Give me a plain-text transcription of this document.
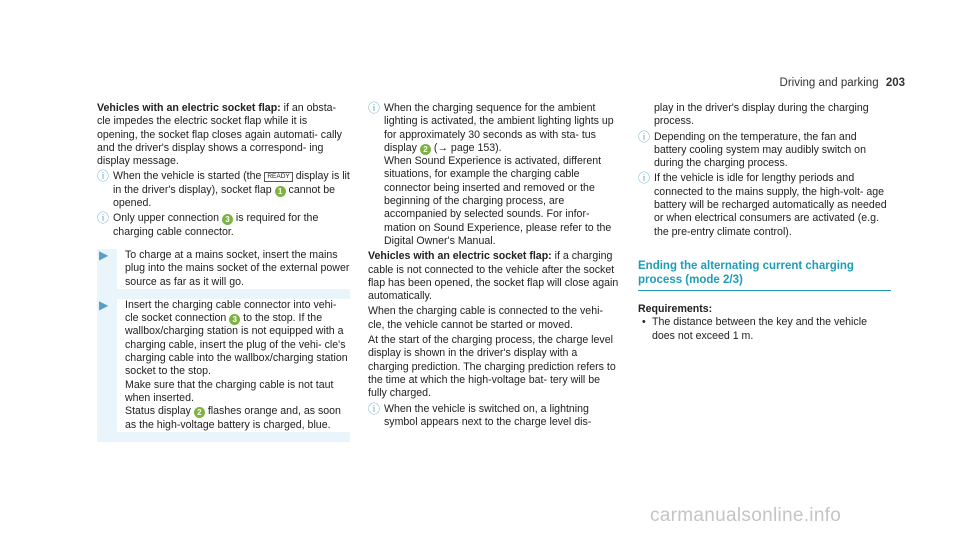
Driving and parking 203

Vehicles with an electric socket flap: if an obsta- cle impedes the electric socket flap while it is opening, the socket flap closes again automati- cally and the driver's display shows a correspond- ing display message.

ⓘ When the vehicle is started (the READY display is lit in the driver's display), socket flap 1 cannot be opened.
ⓘ Only upper connection 3 is required for the charging cable connector.
▶	To charge at a mains socket, insert the mains plug into the mains socket of the external power source as far as it will go.
▶	Insert the charging cable connector into vehi- cle socket connection 3 to the stop. If the wallbox/charging station is not equipped with a charging cable, insert the plug of the vehi- cle's charging cable into the wallbox/charging station socket to the stop.
Make sure that the charging cable is not taut when inserted.
Status display 2 flashes orange and, as soon as the high-voltage battery is charged, blue.
ⓘ When the charging sequence for the ambient lighting is activated, the ambient lighting lights up for approximately 30 seconds as with sta- tus display 2 (→ page 153).
When Sound Experience is activated, different situations, for example the charging cable connector being inserted and removed or the beginning of the charging process, are accompanied by selected sounds. For infor- mation on Sound Experience, please refer to the Digital Owner's Manual.

Vehicles with an electric socket flap: if a charging cable is not connected to the vehicle after the socket flap has been opened, the socket flap will close again automatically.

When the charging cable is connected to the vehi- cle, the vehicle cannot be started or moved.

At the start of the charging process, the charge level display is shown in the driver's display with a charging prediction. The charging prediction refers to the time at which the high-voltage bat- tery will be fully charged.

ⓘ When the vehicle is switched on, a lightning symbol appears next to the charge level dis-

play in the driver's display during the charging process.

ⓘ Depending on the temperature, the fan and battery cooling system may audibly switch on during the charging process.
ⓘ If the vehicle is idle for lengthy periods and connected to the mains supply, the high-volt- age battery will be recharged automatically as needed or when electrical consumers are activated (e.g. the pre-entry climate control).
Ending the alternating current charging process (mode 2/3)

Requirements:

• The distance between the key and the vehicle does not exceed 1 m.
carmanualsonline.info
